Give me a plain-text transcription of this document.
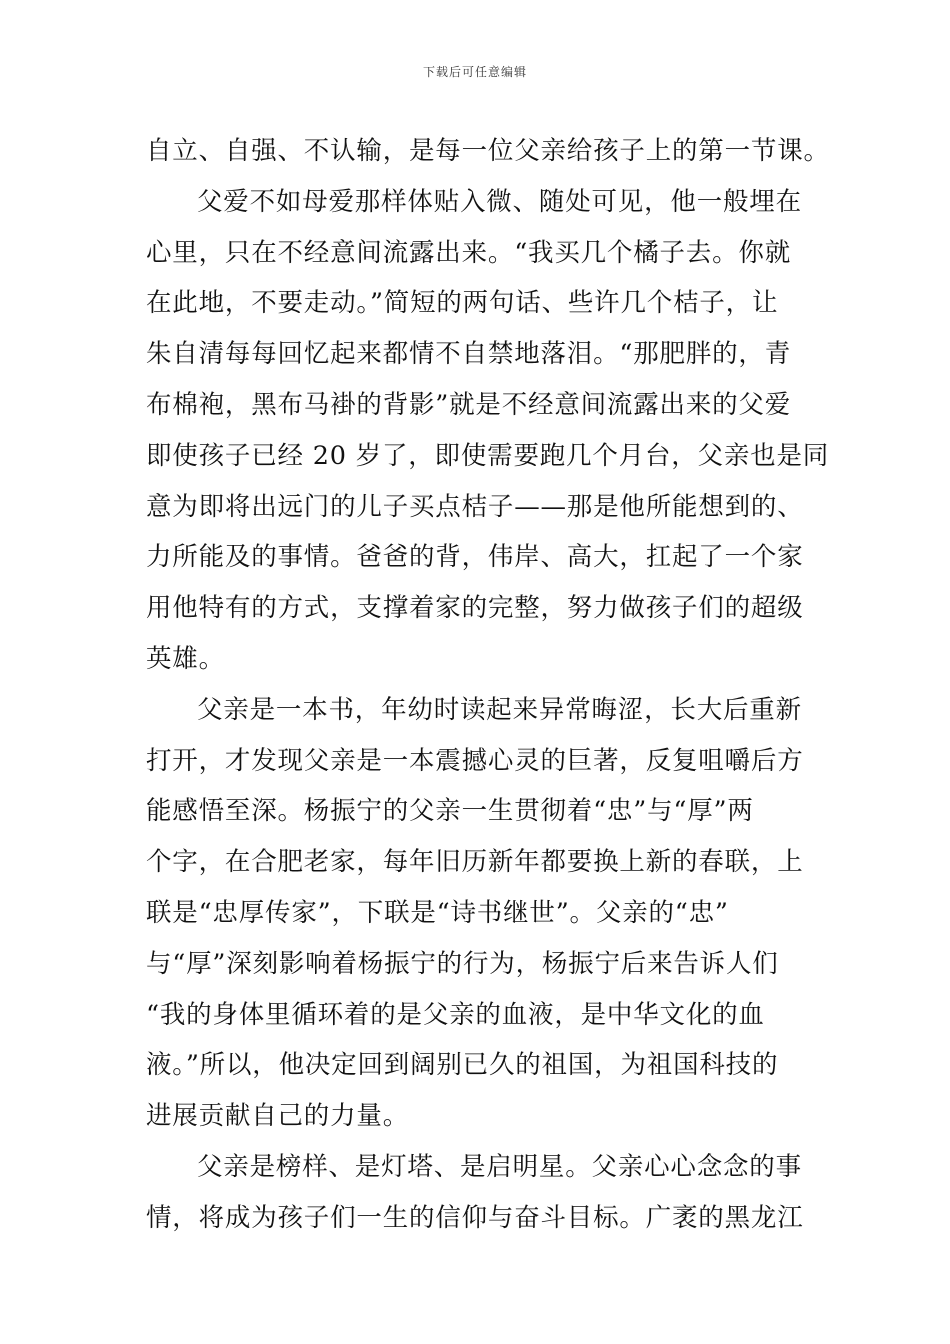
下载后可任意编辑
自立、自强、不认输，是每一位父亲给孩子上的第一节课。
父爱不如母爱那样体贴入微、随处可见，他一般埋在
心里，只在不经意间流露出来。“我买几个橘子去。你就
在此地，不要走动。”简短的两句话、些许几个桔子，让
朱自清每每回忆起来都情不自禁地落泪。“那肥胖的，青
布棉袍，黑布马褂的背影”就是不经意间流露出来的父爱
即使孩子已经 20 岁了，即使需要跑几个月台，父亲也是同
意为即将出远门的儿子买点桔子——那是他所能想到的、
力所能及的事情。爸爸的背，伟岸、高大，扛起了一个家
用他特有的方式，支撑着家的完整，努力做孩子们的超级
英雄。
父亲是一本书，年幼时读起来异常晦涩，长大后重新
打开，才发现父亲是一本震撼心灵的巨著，反复咀嚼后方
能感悟至深。杨振宁的父亲一生贯彻着“忠”与“厚”两
个字，在合肥老家，每年旧历新年都要换上新的春联，上
联是“忠厚传家”，下联是“诗书继世”。父亲的“忠”
与“厚”深刻影响着杨振宁的行为，杨振宁后来告诉人们
“我的身体里循环着的是父亲的血液，是中华文化的血
液。”所以，他决定回到阔别已久的祖国，为祖国科技的
进展贡献自己的力量。
父亲是榜样、是灯塔、是启明星。父亲心心念念的事
情，将成为孩子们一生的信仰与奋斗目标。广袤的黑龙江
